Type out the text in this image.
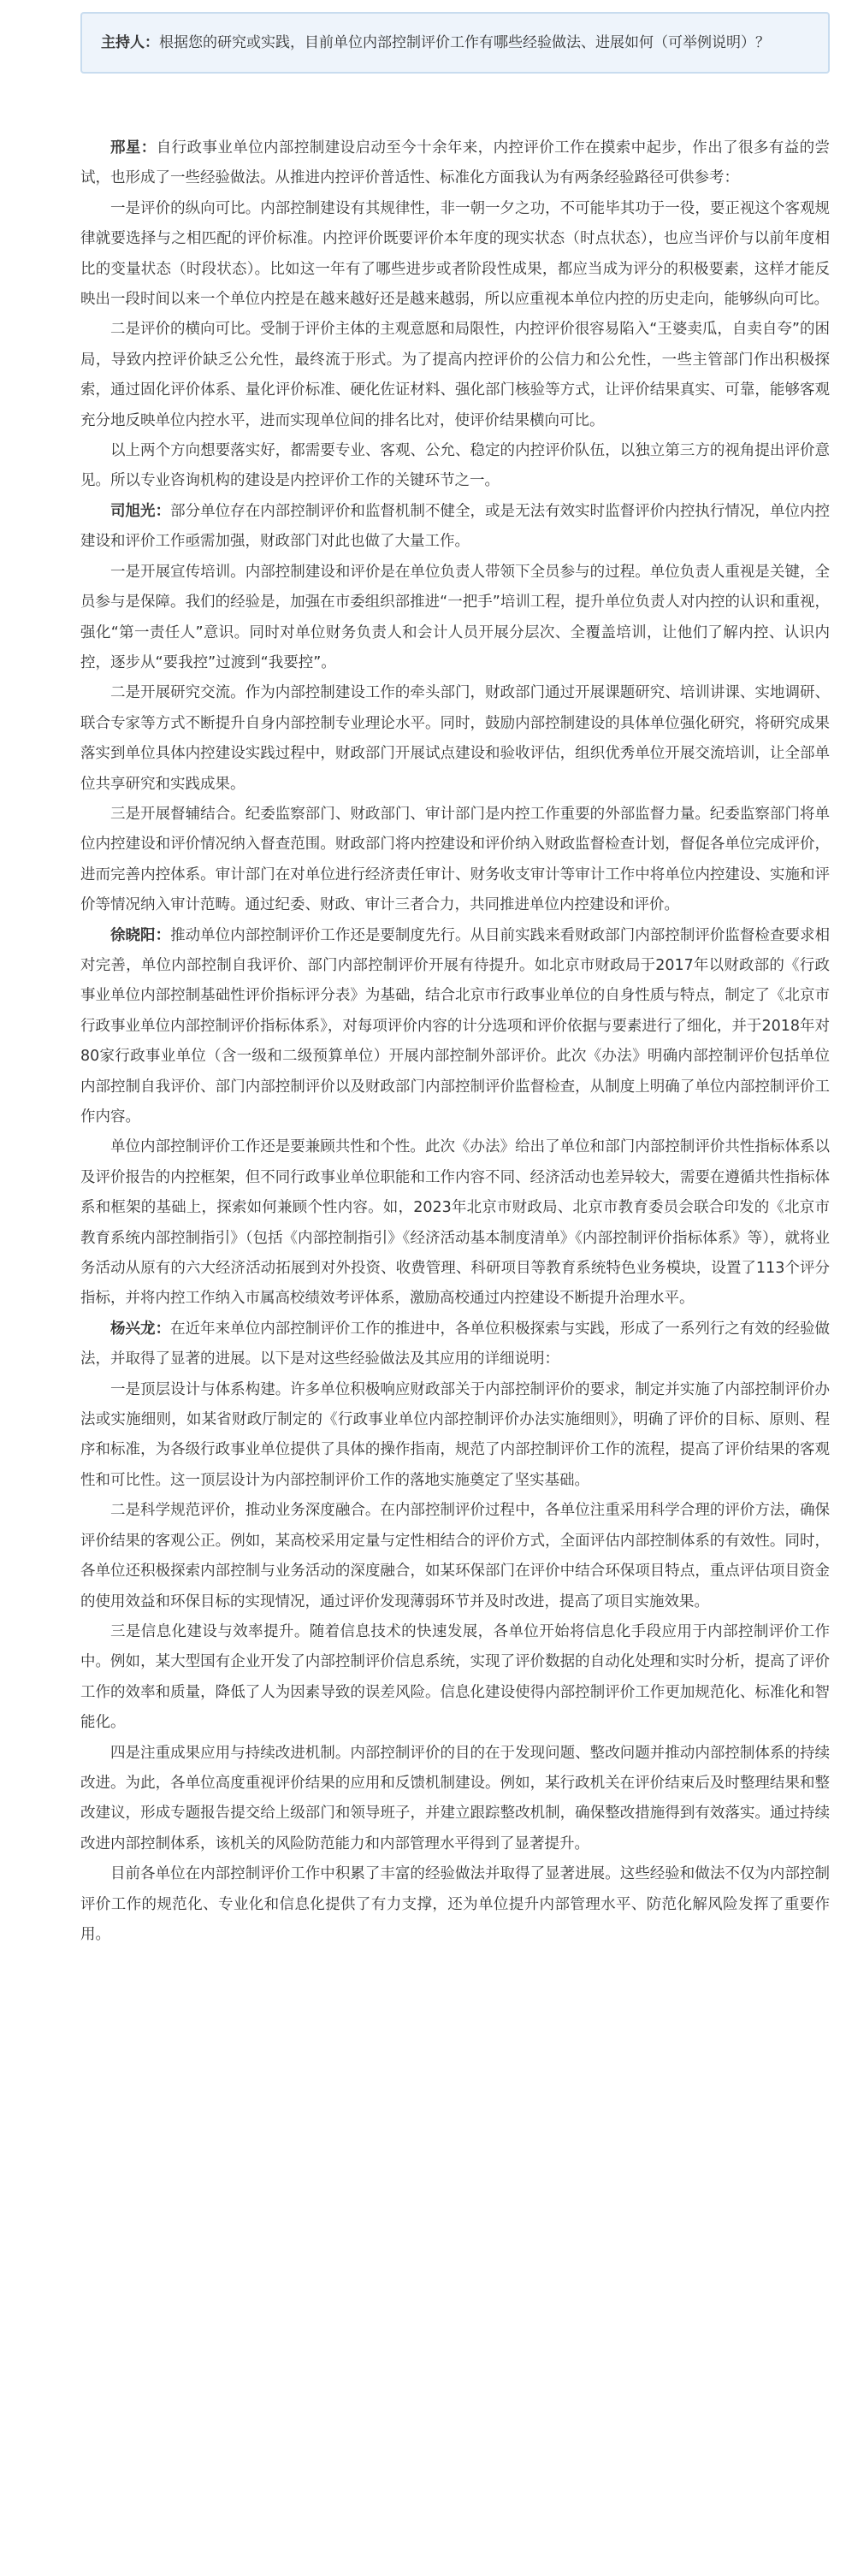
主持人：根据您的研究或实践，目前单位内部控制评价工作有哪些经验做法、进展如何（可举例说明）？

邢星：自行政事业单位内部控制建设启动至今十余年来，内控评价工作在摸索中起步，作出了很多有益的尝试，也形成了一些经验做法。从推进内控评价普适性、标准化方面我认为有两条经验路径可供参考：

一是评价的纵向可比。内部控制建设有其规律性，非一朝一夕之功，不可能毕其功于一役，要正视这个客观规律就要选择与之相匹配的评价标准。内控评价既要评价本年度的现实状态（时点状态），也应当评价与以前年度相比的变量状态（时段状态）。比如这一年有了哪些进步或者阶段性成果，都应当成为评分的积极要素，这样才能反映出一段时间以来一个单位内控是在越来越好还是越来越弱，所以应重视本单位内控的历史走向，能够纵向可比。

二是评价的横向可比。受制于评价主体的主观意愿和局限性，内控评价很容易陷入“王婆卖瓜，自卖自夸”的困局，导致内控评价缺乏公允性，最终流于形式。为了提高内控评价的公信力和公允性，一些主管部门作出积极探索，通过固化评价体系、量化评价标准、硬化佐证材料、强化部门核验等方式，让评价结果真实、可靠，能够客观充分地反映单位内控水平，进而实现单位间的排名比对，使评价结果横向可比。

以上两个方向想要落实好，都需要专业、客观、公允、稳定的内控评价队伍，以独立第三方的视角提出评价意见。所以专业咨询机构的建设是内控评价工作的关键环节之一。

司旭光：部分单位存在内部控制评价和监督机制不健全，或是无法有效实时监督评价内控执行情况，单位内控建设和评价工作亟需加强，财政部门对此也做了大量工作。

一是开展宣传培训。内部控制建设和评价是在单位负责人带领下全员参与的过程。单位负责人重视是关键，全员参与是保障。我们的经验是，加强在市委组织部推进“一把手”培训工程，提升单位负责人对内控的认识和重视，强化“第一责任人”意识。同时对单位财务负责人和会计人员开展分层次、全覆盖培训，让他们了解内控、认识内控，逐步从“要我控”过渡到“我要控”。

二是开展研究交流。作为内部控制建设工作的牵头部门，财政部门通过开展课题研究、培训讲课、实地调研、联合专家等方式不断提升自身内部控制专业理论水平。同时，鼓励内部控制建设的具体单位强化研究，将研究成果落实到单位具体内控建设实践过程中，财政部门开展试点建设和验收评估，组织优秀单位开展交流培训，让全部单位共享研究和实践成果。

三是开展督辅结合。纪委监察部门、财政部门、审计部门是内控工作重要的外部监督力量。纪委监察部门将单位内控建设和评价情况纳入督查范围。财政部门将内控建设和评价纳入财政监督检查计划，督促各单位完成评价，进而完善内控体系。审计部门在对单位进行经济责任审计、财务收支审计等审计工作中将单位内控建设、实施和评价等情况纳入审计范畴。通过纪委、财政、审计三者合力，共同推进单位内控建设和评价。

徐晓阳：推动单位内部控制评价工作还是要制度先行。从目前实践来看财政部门内部控制评价监督检查要求相对完善，单位内部控制自我评价、部门内部控制评价开展有待提升。如北京市财政局于2017年以财政部的《行政事业单位内部控制基础性评价指标评分表》为基础，结合北京市行政事业单位的自身性质与特点，制定了《北京市行政事业单位内部控制评价指标体系》，对每项评价内容的计分选项和评价依据与要素进行了细化，并于2018年对80家行政事业单位（含一级和二级预算单位）开展内部控制外部评价。此次《办法》明确内部控制评价包括单位内部控制自我评价、部门内部控制评价以及财政部门内部控制评价监督检查，从制度上明确了单位内部控制评价工作内容。

单位内部控制评价工作还是要兼顾共性和个性。此次《办法》给出了单位和部门内部控制评价共性指标体系以及评价报告的内控框架，但不同行政事业单位职能和工作内容不同、经济活动也差异较大，需要在遵循共性指标体系和框架的基础上，探索如何兼顾个性内容。如，2023年北京市财政局、北京市教育委员会联合印发的《北京市教育系统内部控制指引》（包括《内部控制指引》《经济活动基本制度清单》《内部控制评价指标体系》等），就将业务活动从原有的六大经济活动拓展到对外投资、收费管理、科研项目等教育系统特色业务模块，设置了113个评分指标，并将内控工作纳入市属高校绩效考评体系，激励高校通过内控建设不断提升治理水平。

杨兴龙：在近年来单位内部控制评价工作的推进中，各单位积极探索与实践，形成了一系列行之有效的经验做法，并取得了显著的进展。以下是对这些经验做法及其应用的详细说明：

一是顶层设计与体系构建。许多单位积极响应财政部关于内部控制评价的要求，制定并实施了内部控制评价办法或实施细则，如某省财政厅制定的《行政事业单位内部控制评价办法实施细则》，明确了评价的目标、原则、程序和标准，为各级行政事业单位提供了具体的操作指南，规范了内部控制评价工作的流程，提高了评价结果的客观性和可比性。这一顶层设计为内部控制评价工作的落地实施奠定了坚实基础。

二是科学规范评价，推动业务深度融合。在内部控制评价过程中，各单位注重采用科学合理的评价方法，确保评价结果的客观公正。例如，某高校采用定量与定性相结合的评价方式，全面评估内部控制体系的有效性。同时，各单位还积极探索内部控制与业务活动的深度融合，如某环保部门在评价中结合环保项目特点，重点评估项目资金的使用效益和环保目标的实现情况，通过评价发现薄弱环节并及时改进，提高了项目实施效果。

三是信息化建设与效率提升。随着信息技术的快速发展，各单位开始将信息化手段应用于内部控制评价工作中。例如，某大型国有企业开发了内部控制评价信息系统，实现了评价数据的自动化处理和实时分析，提高了评价工作的效率和质量，降低了人为因素导致的误差风险。信息化建设使得内部控制评价工作更加规范化、标准化和智能化。

四是注重成果应用与持续改进机制。内部控制评价的目的在于发现问题、整改问题并推动内部控制体系的持续改进。为此，各单位高度重视评价结果的应用和反馈机制建设。例如，某行政机关在评价结束后及时整理结果和整改建议，形成专题报告提交给上级部门和领导班子，并建立跟踪整改机制，确保整改措施得到有效落实。通过持续改进内部控制体系，该机关的风险防范能力和内部管理水平得到了显著提升。

目前各单位在内部控制评价工作中积累了丰富的经验做法并取得了显著进展。这些经验和做法不仅为内部控制评价工作的规范化、专业化和信息化提供了有力支撑，还为单位提升内部管理水平、防范化解风险发挥了重要作用。
